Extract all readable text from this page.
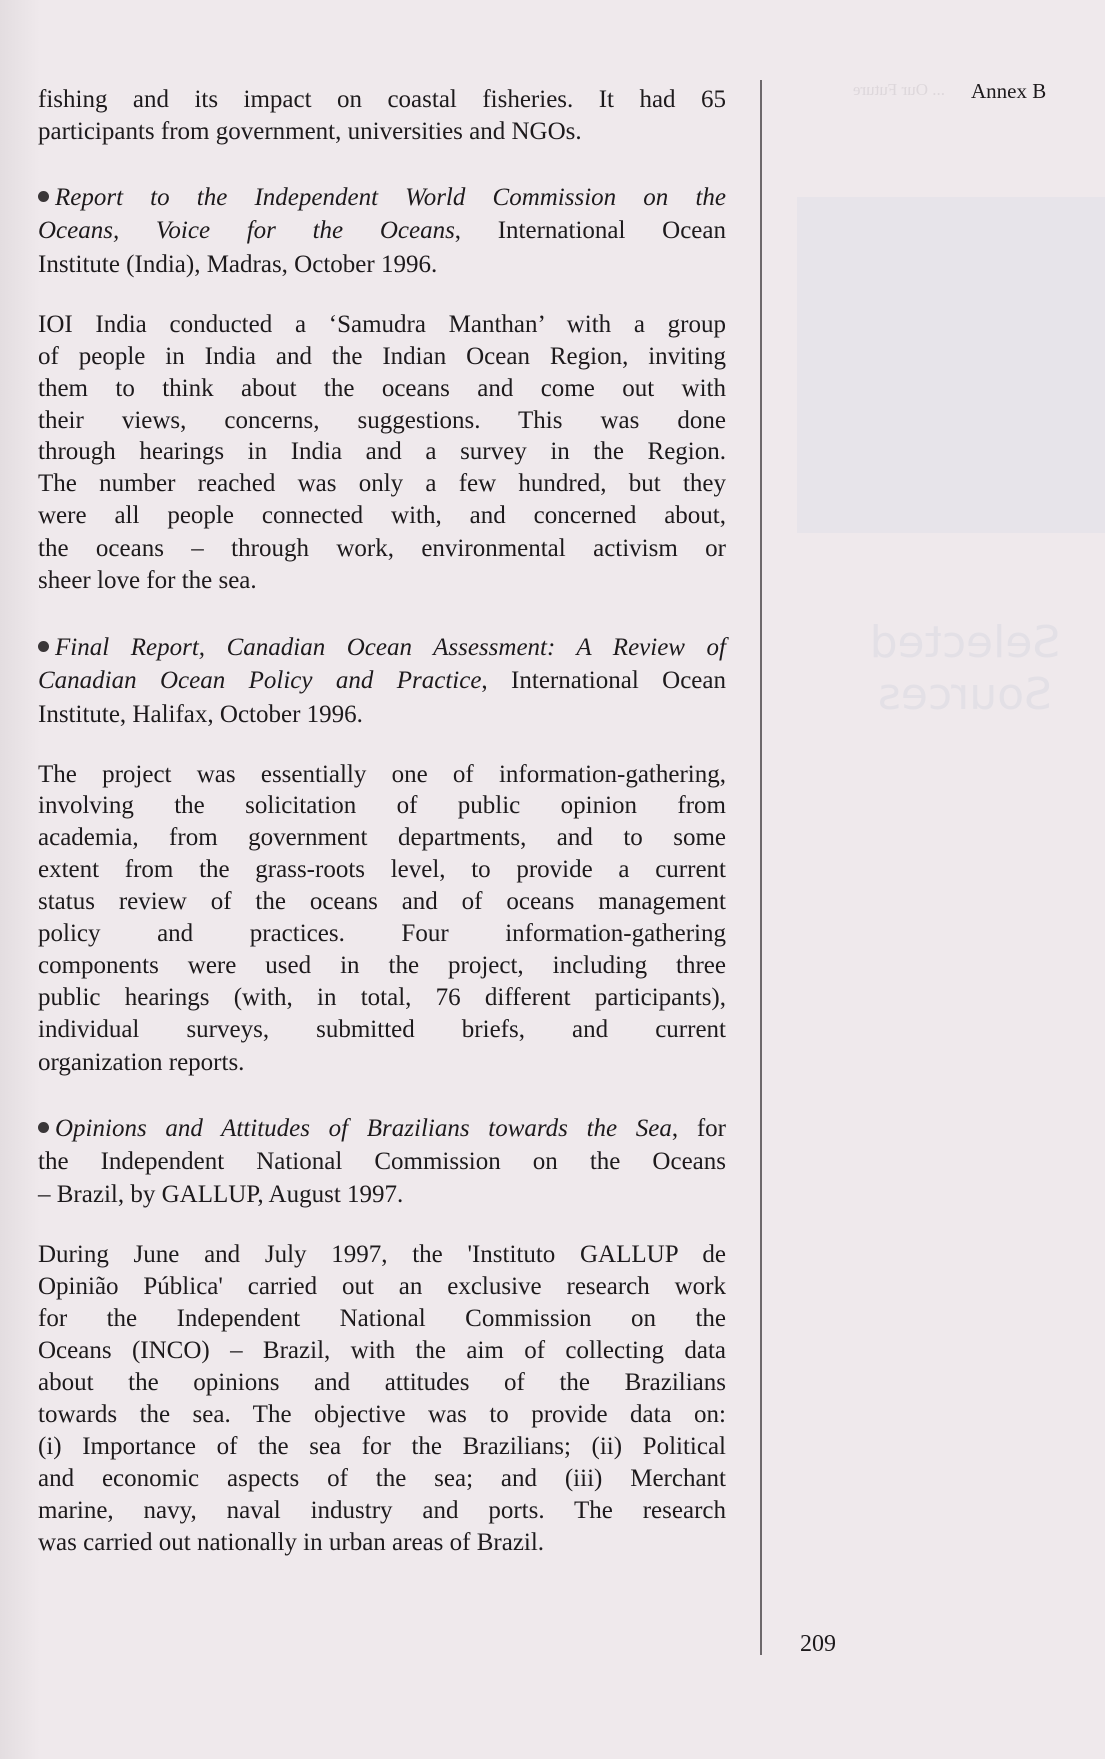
... Our Future
Selected
Sources
Annex B
209
fishing and its impact on coastal fisheries. It had 65
participants from government, universities and NGOs.
Report to the Independent World Commission on the
Oceans, Voice for the Oceans, International Ocean
Institute (India), Madras, October 1996.
IOI India conducted a ‘Samudra Manthan’ with a group
of people in India and the Indian Ocean Region, inviting
them to think about the oceans and come out with
their views, concerns, suggestions. This was done
through hearings in India and a survey in the Region.
The number reached was only a few hundred, but they
were all people connected with, and concerned about,
the oceans – through work, environmental activism or
sheer love for the sea.
Final Report, Canadian Ocean Assessment: A Review of
Canadian Ocean Policy and Practice, International Ocean
Institute, Halifax, October 1996.
The project was essentially one of information-gathering,
involving the solicitation of public opinion from
academia, from government departments, and to some
extent from the grass-roots level, to provide a current
status review of the oceans and of oceans management
policy and practices. Four information-gathering
components were used in the project, including three
public hearings (with, in total, 76 different participants),
individual surveys, submitted briefs, and current
organization reports.
Opinions and Attitudes of Brazilians towards the Sea, for
the Independent National Commission on the Oceans
– Brazil, by GALLUP, August 1997.
During June and July 1997, the 'Instituto GALLUP de
Opinião Pública' carried out an exclusive research work
for the Independent National Commission on the
Oceans (INCO) – Brazil, with the aim of collecting data
about the opinions and attitudes of the Brazilians
towards the sea. The objective was to provide data on:
(i) Importance of the sea for the Brazilians; (ii) Political
and economic aspects of the sea; and (iii) Merchant
marine, navy, naval industry and ports. The research
was carried out nationally in urban areas of Brazil.
